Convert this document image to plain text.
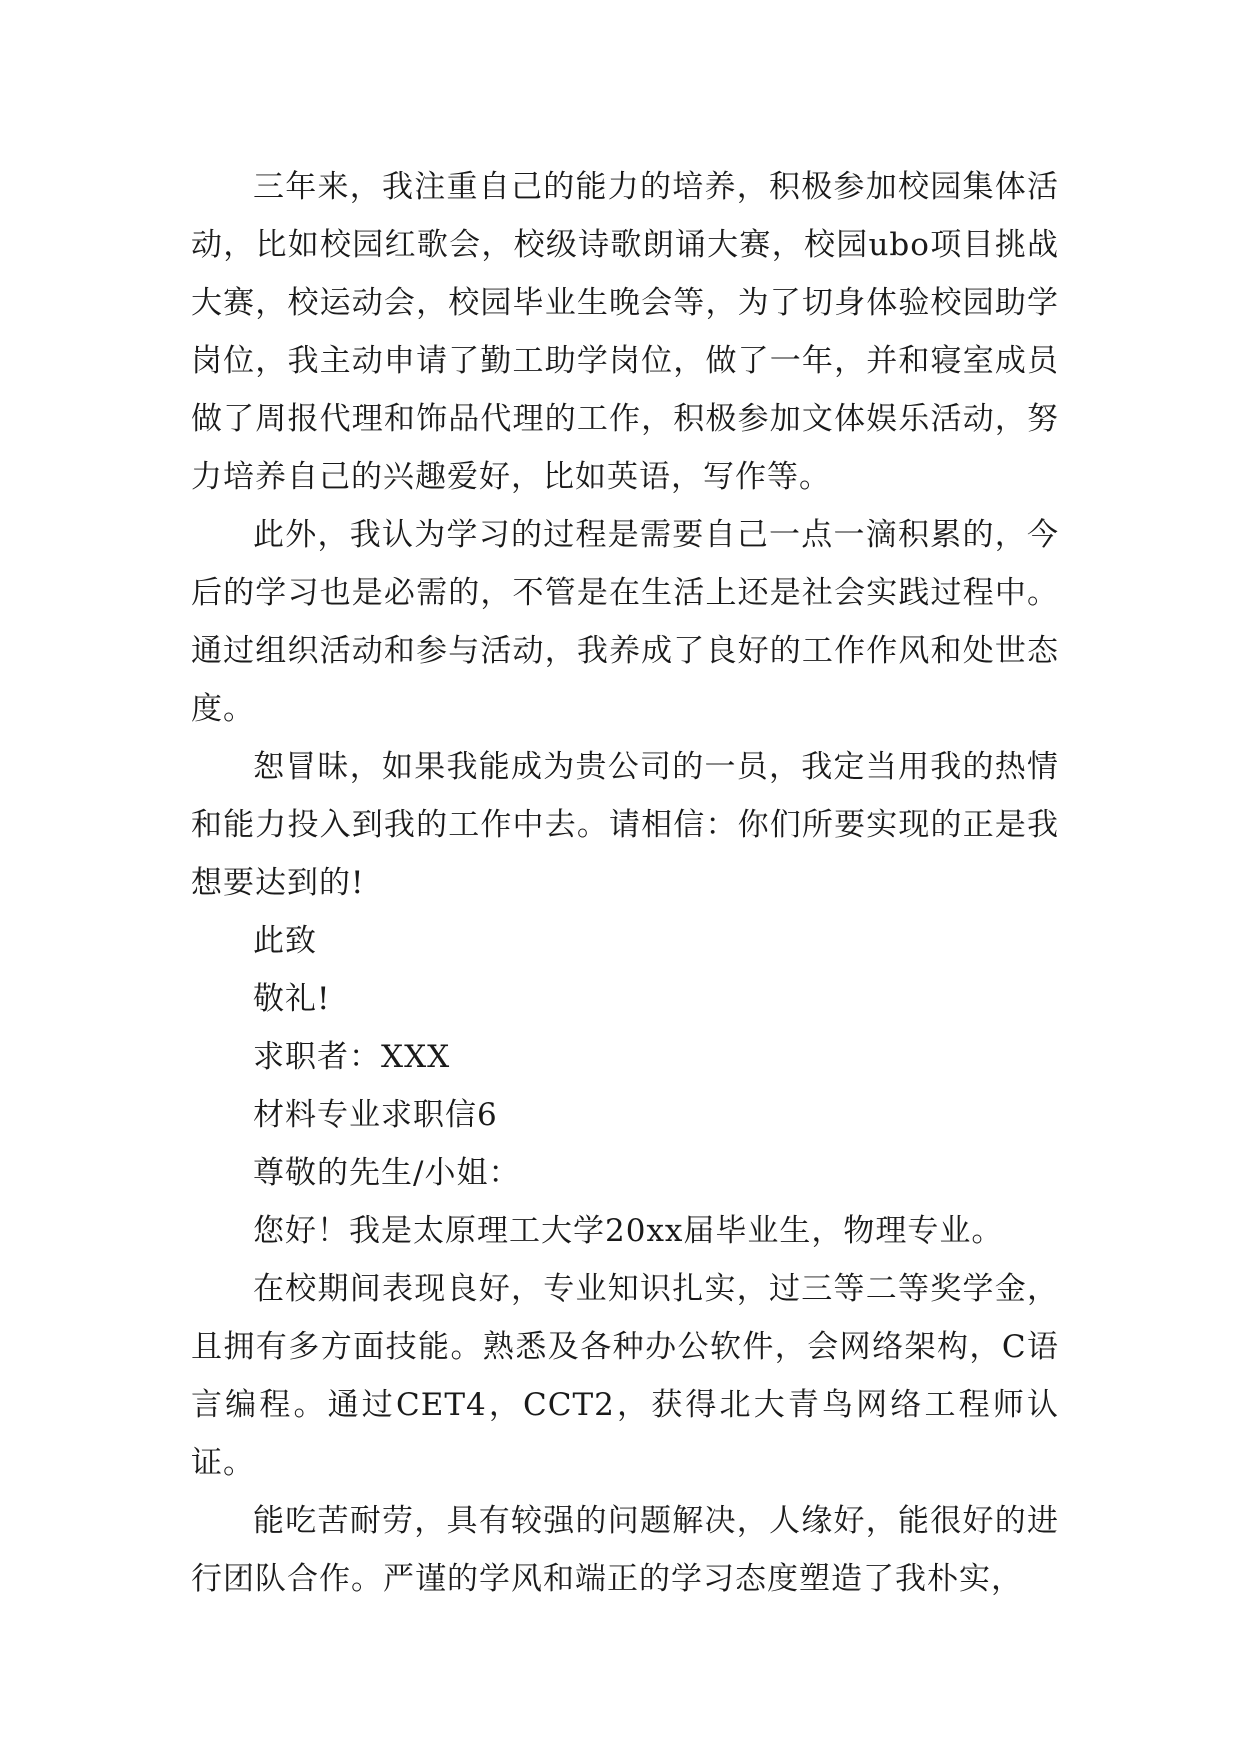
三年来，我注重自己的能力的培养，积极参加校园集体活动，比如校园红歌会，校级诗歌朗诵大赛，校园ubo项目挑战大赛，校运动会，校园毕业生晚会等，为了切身体验校园助学岗位，我主动申请了勤工助学岗位，做了一年，并和寝室成员做了周报代理和饰品代理的工作，积极参加文体娱乐活动，努力培养自己的兴趣爱好，比如英语，写作等。

此外，我认为学习的过程是需要自己一点一滴积累的，今后的学习也是必需的，不管是在生活上还是社会实践过程中。通过组织活动和参与活动，我养成了良好的工作作风和处世态度。

恕冒昧，如果我能成为贵公司的一员，我定当用我的热情和能力投入到我的工作中去。请相信：你们所要实现的正是我想要达到的!

此致

敬礼!

求职者：XXX

材料专业求职信6

尊敬的先生/小姐：

您好！我是太原理工大学20xx届毕业生，物理专业。

在校期间表现良好，专业知识扎实，过三等二等奖学金，且拥有多方面技能。熟悉及各种办公软件，会网络架构，C语言编程。通过CET4，CCT2，获得北大青鸟网络工程师认证。

能吃苦耐劳，具有较强的问题解决，人缘好，能很好的进行团队合作。严谨的学风和端正的学习态度塑造了我朴实，
